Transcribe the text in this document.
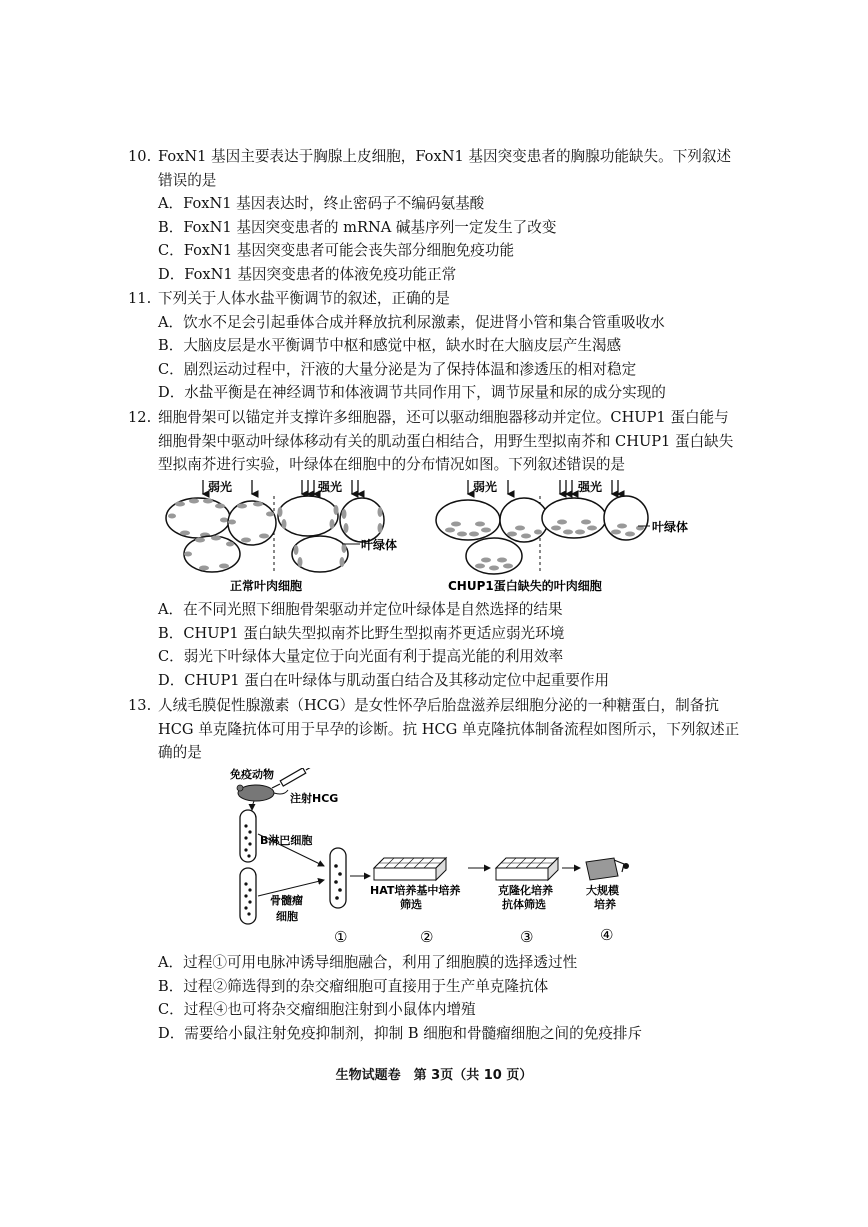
10. FoxN1 基因主要表达于胸腺上皮细胞，FoxN1 基因突变患者的胸腺功能缺失。下列叙述错误的是
A．FoxN1 基因表达时，终止密码子不编码氨基酸
B．FoxN1 基因突变患者的 mRNA 碱基序列一定发生了改变
C．FoxN1 基因突变患者可能会丧失部分细胞免疫功能
D．FoxN1 基因突变患者的体液免疫功能正常
11. 下列关于人体水盐平衡调节的叙述，正确的是
A．饮水不足会引起垂体合成并释放抗利尿激素，促进肾小管和集合管重吸收水
B．大脑皮层是水平衡调节中枢和感觉中枢，缺水时在大脑皮层产生渴感
C．剧烈运动过程中，汗液的大量分泌是为了保持体温和渗透压的相对稳定
D．水盐平衡是在神经调节和体液调节共同作用下，调节尿量和尿的成分实现的
12. 细胞骨架可以锚定并支撑许多细胞器，还可以驱动细胞器移动并定位。CHUP1 蛋白能与细胞骨架中驱动叶绿体移动有关的肌动蛋白相结合，用野生型拟南芥和 CHUP1 蛋白缺失型拟南芥进行实验，叶绿体在细胞中的分布情况如图。下列叙述错误的是
弱光	强光	弱光	强光
叶绿体
叶绿体
正常叶肉细胞	CHUP1蛋白缺失的叶肉细胞
A．在不同光照下细胞骨架驱动并定位叶绿体是自然选择的结果
B．CHUP1 蛋白缺失型拟南芥比野生型拟南芥更适应弱光环境
C．弱光下叶绿体大量定位于向光面有利于提高光能的利用效率
D．CHUP1 蛋白在叶绿体与肌动蛋白结合及其移动定位中起重要作用
13. 人绒毛膜促性腺激素（HCG）是女性怀孕后胎盘滋养层细胞分泌的一种糖蛋白，制备抗 HCG 单克隆抗体可用于早孕的诊断。抗 HCG 单克隆抗体制备流程如图所示，下列叙述正确的是
免疫动物
注射HCG
B淋巴细胞
骨髓瘤
细胞
HAT培养基中培养
筛选
克隆化培养
抗体筛选
大规模
培养
①	②	③	④
A．过程①可用电脉冲诱导细胞融合，利用了细胞膜的选择透过性
B．过程②筛选得到的杂交瘤细胞可直接用于生产单克隆抗体
C．过程④也可将杂交瘤细胞注射到小鼠体内增殖
D．需要给小鼠注射免疫抑制剂，抑制 B 细胞和骨髓瘤细胞之间的免疫排斥
生物试题卷　第 3页（共 10 页）
